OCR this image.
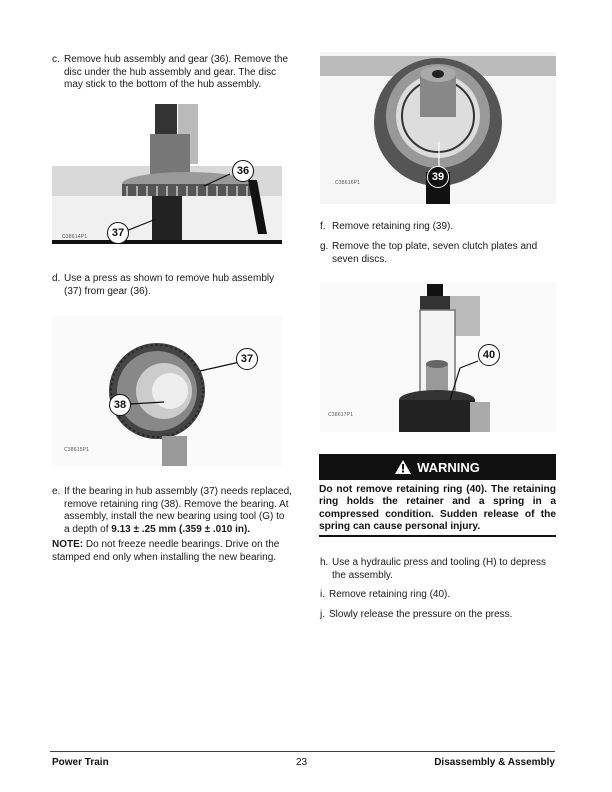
c. Remove hub assembly and gear (36). Remove the disc under the hub assembly and gear. The disc may stick to the bottom of the hub assembly.
36
37
C38614P1
d. Use a press as shown to remove hub assembly (37) from gear (36).
37
38
C38615P1
e. If the bearing in hub assembly (37) needs replaced, remove retaining ring (38). Remove the bearing. At assembly, install the new bearing using tool (G) to a depth of 9.13 ± .25 mm (.359 ± .010 in).
NOTE: Do not freeze needle bearings. Drive on the stamped end only when installing the new bearing.
39
C38616P1
f. Remove retaining ring (39).
g. Remove the top plate, seven clutch plates and seven discs.
40
C38617P1
WARNING
Do not remove retaining ring (40). The retaining ring holds the retainer and a spring in a compressed condition. Sudden release of the spring can cause personal injury.
h. Use a hydraulic press and tooling (H) to depress the assembly.
i. Remove retaining ring (40).
j. Slowly release the pressure on the press.
Power Train	23	Disassembly & Assembly
